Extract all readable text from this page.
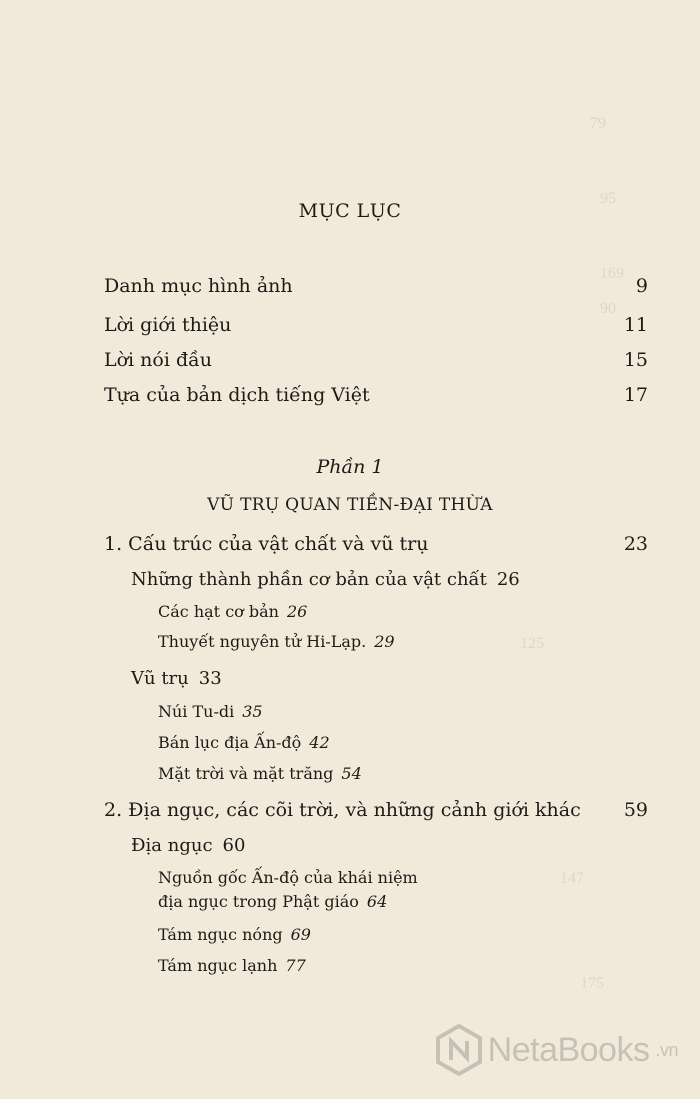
79
95
169
90
125
147
175
MỤC LỤC
Danh mục hình ảnh	9
Lời giới thiệu	11
Lời nói đầu	15
Tựa của bản dịch tiếng Việt	17
Phần 1
VŨ TRỤ QUAN TIỀN-ĐẠI THỪA
1. Cấu trúc của vật chất và vũ trụ	23
Những thành phần cơ bản của vật chất 26
Các hạt cơ bản 26
Thuyết nguyên tử Hi-Lạp. 29
Vũ trụ 33
Núi Tu-di 35
Bán lục địa Ấn-độ 42
Mặt trời và mặt trăng 54
2. Địa ngục, các cõi trời, và những cảnh giới khác 59
Địa ngục 60
Nguồn gốc Ấn-độ của khái niệm
địa ngục trong Phật giáo 64
Tám ngục nóng 69
Tám ngục lạnh 77
NetaBooks .vn
